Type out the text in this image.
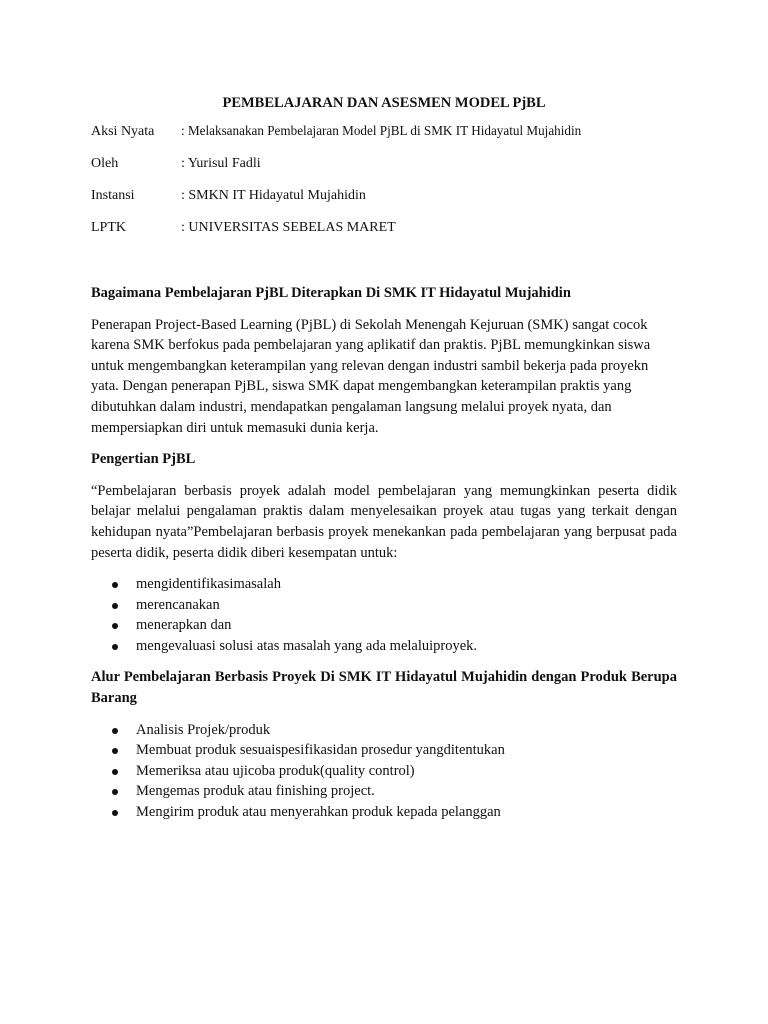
PEMBELAJARAN DAN ASESMEN MODEL PjBL
Aksi Nyata	: Melaksanakan Pembelajaran Model PjBL di SMK IT Hidayatul Mujahidin
Oleh	: Yurisul Fadli
Instansi	: SMKN IT Hidayatul Mujahidin
LPTK	: UNIVERSITAS SEBELAS MARET
Bagaimana Pembelajaran PjBL Diterapkan Di SMK IT Hidayatul Mujahidin

Penerapan Project-Based Learning (PjBL) di Sekolah Menengah Kejuruan (SMK) sangat cocok karena SMK berfokus pada pembelajaran yang aplikatif dan praktis. PjBL memungkinkan siswa untuk mengembangkan keterampilan yang relevan dengan industri sambil bekerja pada proyekn yata. Dengan penerapan PjBL, siswa SMK dapat mengembangkan keterampilan praktis yang dibutuhkan dalam industri, mendapatkan pengalaman langsung melalui proyek nyata, dan mempersiapkan diri untuk memasuki dunia kerja.

Pengertian PjBL

“Pembelajaran berbasis proyek adalah model pembelajaran yang memungkinkan peserta didik belajar melalui pengalaman praktis dalam menyelesaikan proyek atau tugas yang terkait dengan kehidupan nyata”Pembelajaran berbasis proyek menekankan pada pembelajaran yang berpusat pada peserta didik, peserta didik diberi kesempatan untuk:

mengidentifikasimasalah
merencanakan
menerapkan dan
mengevaluasi solusi atas masalah yang ada melaluiproyek.
Alur Pembelajaran Berbasis Proyek Di SMK IT Hidayatul Mujahidin dengan Produk Berupa Barang
Analisis Projek/produk
Membuat produk sesuaispesifikasidan prosedur yangditentukan
Memeriksa atau ujicoba produk(quality control)
Mengemas produk atau finishing project.
Mengirim produk atau menyerahkan produk kepada pelanggan
